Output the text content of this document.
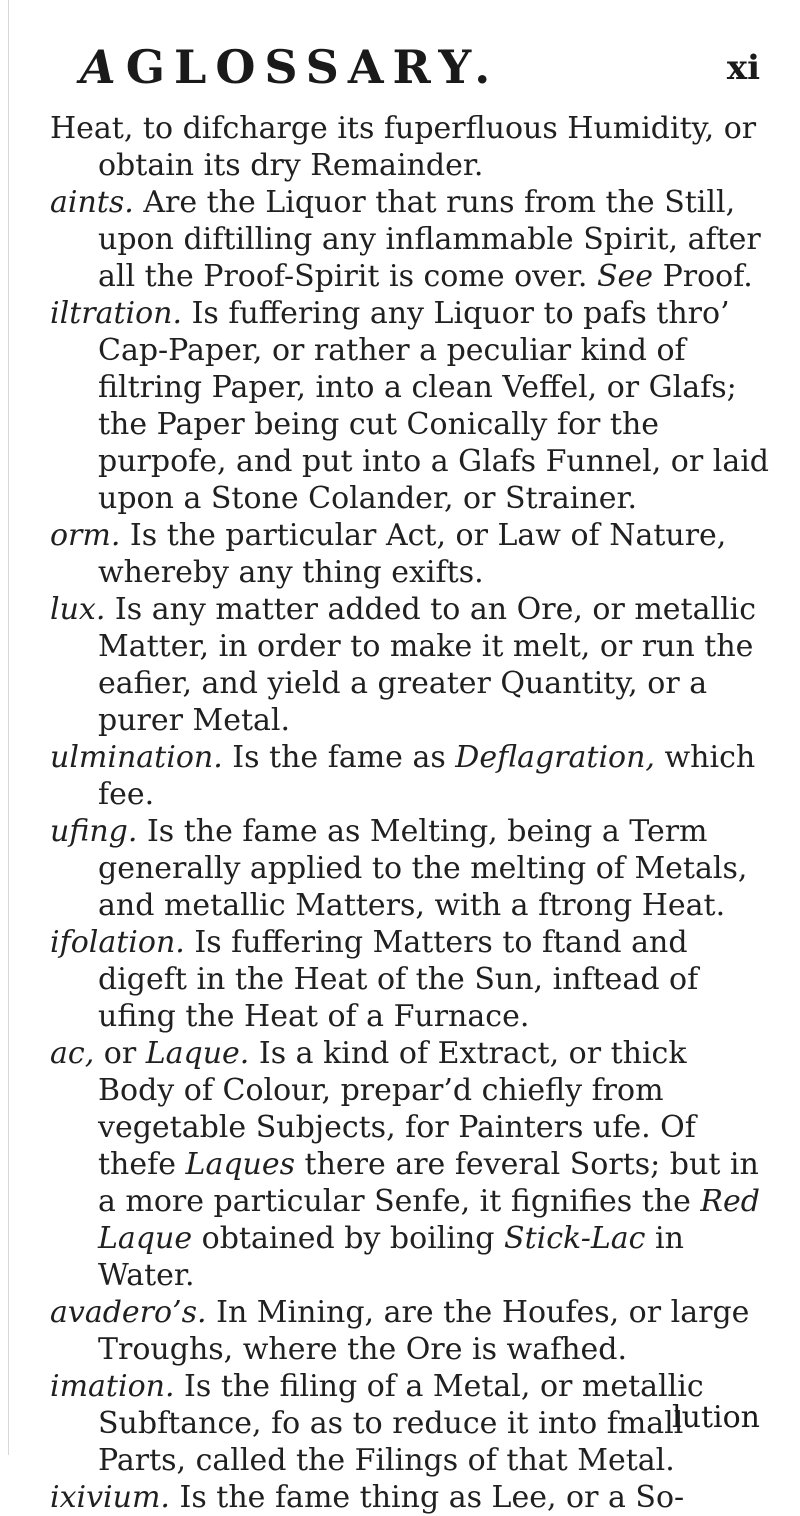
A GLOSSARY.	xi

Heat, to difcharge its fuperfluous Humidity, or obtain its dry Remainder.

aints. Are the Liquor that runs from the Still, upon diftilling any inflammable Spirit, after all the Proof-Spirit is come over. See Proof.

iltration. Is fuffering any Liquor to pafs thro’ Cap-Paper, or rather a peculiar kind of filtring Paper, into a clean Veffel, or Glafs; the Paper being cut Conically for the purpofe, and put into a Glafs Funnel, or laid upon a Stone Colander, or Strainer.

orm. Is the particular Act, or Law of Nature, whereby any thing exifts.

lux. Is any matter added to an Ore, or metallic Matter, in order to make it melt, or run the eafier, and yield a greater Quantity, or a purer Metal.

ulmination. Is the fame as Deflagration, which fee.

ufing. Is the fame as Melting, being a Term generally applied to the melting of Metals, and metallic Matters, with a ftrong Heat.

ifolation. Is fuffering Matters to ftand and digeft in the Heat of the Sun, inftead of ufing the Heat of a Furnace.

ac, or Laque. Is a kind of Extract, or thick Body of Colour, prepar’d chiefly from vegetable Subjects, for Painters ufe. Of thefe Laques there are feveral Sorts; but in a more particular Senfe, it fignifies the Red Laque obtained by boiling Stick-Lac in Water.

avadero’s. In Mining, are the Houfes, or large Troughs, where the Ore is wafhed.

imation. Is the filing of a Metal, or metallic Subftance, fo as to reduce it into fmall Parts, called the Filings of that Metal.

ixivium. Is the fame thing as Lee, or a So-

lution
